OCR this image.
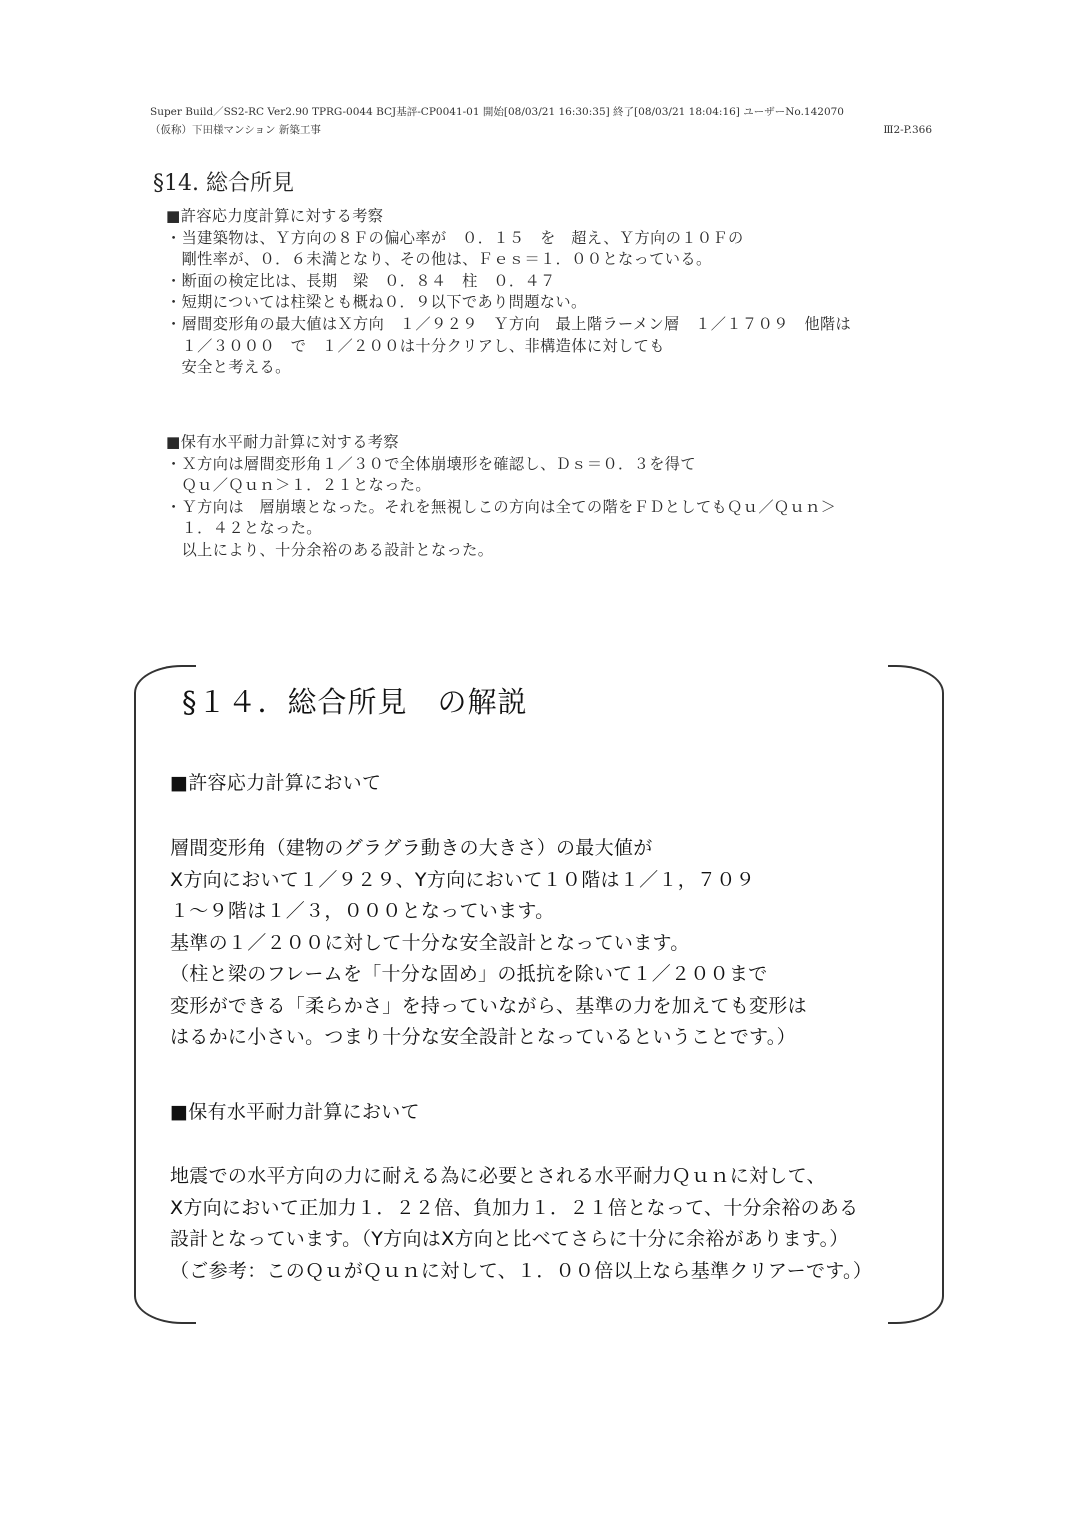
Super Build／SS2-RC Ver2.90 TPRG-0044 BCJ基評-CP0041-01 開始[08/03/21 16:30:35] 終了[08/03/21 18:04:16] ユーザーNo.142070
（仮称）下田様マンション 新築工事	Ⅲ2-P.366
§14. 総合所見
■許容応力度計算に対する考察
・当建築物は、Ｙ方向の８Ｆの偏心率が　０．１５　を　超え、Ｙ方向の１０Ｆの
　剛性率が、０．６未満となり、その他は、Ｆｅｓ＝１．００となっている。
・断面の検定比は、長期　梁　０．８４　柱　０．４７
・短期については柱梁とも概ね０．９以下であり問題ない。
・層間変形角の最大値はＸ方向　１／９２９　Ｙ方向　最上階ラーメン層　１／１７０９　他階は
　１／３０００　で　１／２００は十分クリアし、非構造体に対しても
　安全と考える。
■保有水平耐力計算に対する考察
・Ｘ方向は層間変形角１／３０で全体崩壊形を確認し、Ｄｓ＝０．３を得て
　Ｑｕ／Ｑｕｎ＞１．２１となった。
・Ｙ方向は　層崩壊となった。それを無視しこの方向は全ての階をＦＤとしてもＱｕ／Ｑｕｎ＞
　１．４２となった。
　以上により、十分余裕のある設計となった。
§１４．総合所見　の解説
■許容応力計算において
層間変形角（建物のグラグラ動きの大きさ）の最大値が
X方向において１／９２９、Y方向において１０階は１／１，７０９
１～９階は１／３，０００となっています。
基準の１／２００に対して十分な安全設計となっています。
（柱と梁のフレームを「十分な固め」の抵抗を除いて１／２００まで
変形ができる「柔らかさ」を持っていながら、基準の力を加えても変形は
はるかに小さい。つまり十分な安全設計となっているということです。）
■保有水平耐力計算において
地震での水平方向の力に耐える為に必要とされる水平耐力Ｑｕｎに対して、
X方向において正加力１．２２倍、負加力１．２１倍となって、十分余裕のある
設計となっています。（Y方向はX方向と比べてさらに十分に余裕があります。）
（ご参考：このＱｕがＱｕｎに対して、１．００倍以上なら基準クリアーです。）
